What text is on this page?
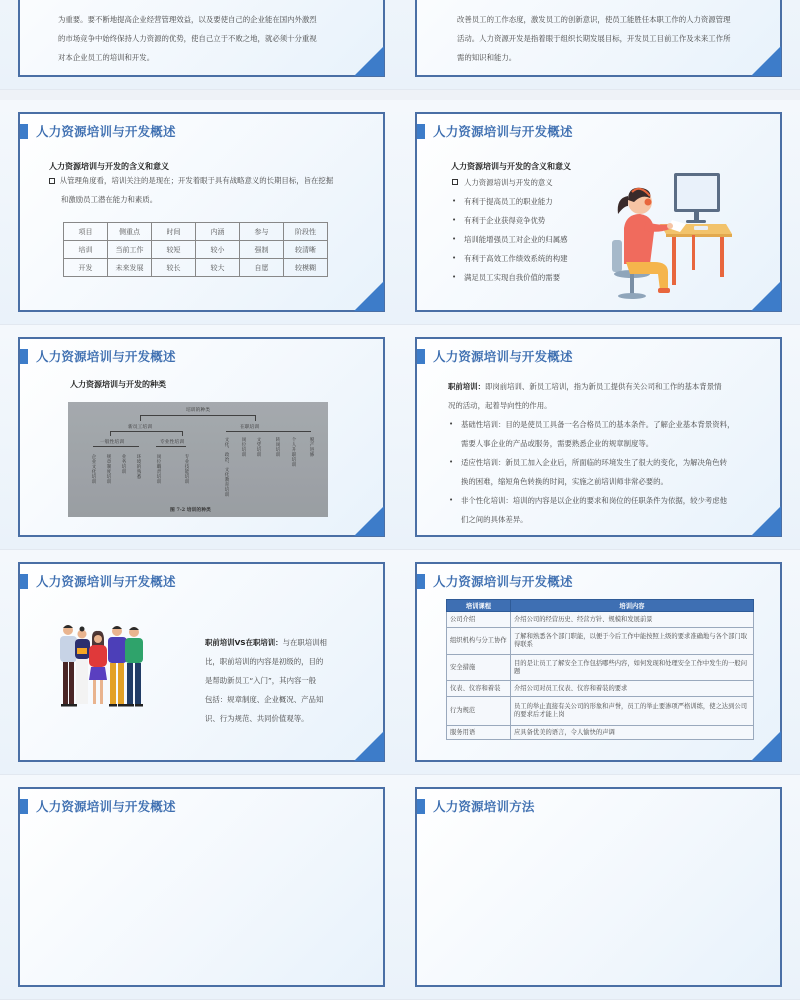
为重要。要不断地提高企业经营管理效益，以及要使自己的企业能在国内外激烈
的市场竞争中始终保持人力资源的优势，使自己立于不败之地，就必须十分重视
对本企业员工的培训和开发。
改善员工的工作态度，激发员工的创新意识，使员工能胜任本职工作的人力资源管理
活动。人力资源开发是指着眼于组织长期发展目标，开发员工目前工作及未来工作所
需的知识和能力。
人力资源培训与开发概述
人力资源培训与开发的含义和意义
从管理角度看，培训关注的是现在；开发着眼于具有战略意义的长期目标，旨在挖掘
和激励员工潜在能力和素质。
项目	侧重点	时间	内涵	参与	阶段性
培训	当前工作	较短	较小	强制	较清晰
开发	未来发展	较长	较大	自愿	较模糊
人力资源培训与开发概述
人力资源培训与开发的含义和意义
人力资源培训与开发的意义
• 有利于提高员工的职业能力
• 有利于企业获得竞争优势
• 培训能增强员工对企业的归属感
• 有利于高效工作绩效系统的构建
• 满足员工实现自我价值的需要
人力资源培训与开发概述
人力资源培训与开发的种类
培训的种类
新员工培训	在职培训
一般性培训	专业性培训
企业文化培训 规章制度培训 业务培训 环境的熟悉	岗位職责培训	专业技能培训	文化、政治、文化教育培训	岗位培训 文凭培训	转岗培训 个人升职培训	脱产进修
图 7-2 培训的种类
人力资源培训与开发概述
职前培训：即岗前培训、新员工培训，指为新员工提供有关公司和工作的基本背景情
况的活动，起着导向性的作用。
• 基础性培训：目的是使员工具备一名合格员工的基本条件。了解企业基本背景资料，
需要人事企业的产品或服务，需要熟悉企业的规章制度等。
• 适应性培训：新员工加入企业后，所面临的环境发生了很大的变化，为解决角色转
换的困难，缩短角色转换的时间，实施之前培训师非常必要的。
• 非个性化培训：培训的内容是以企业的要求和岗位的任职条件为依据，较少考虑他
们之间的具体差异。
人力资源培训与开发概述
职前培训VS在职培训：与在职培训相
比，职前培训的内容是初级的，目的
是帮助新员工“入门”，其内容一般
包括：规章制度、企业概况、产品知
识、行为规范、共同价值观等。
人力资源培训与开发概述
培训课程	培训内容
公司介绍	介绍公司的经营历史、经营方针、规模和发展前景
组织机构与分工协作	了解和熟悉各个部门职能，以便于今后工作中能按照上级的要求准确地与各个部门取得联系
安全措施	目的是让员工了解安全工作包括哪些内容，如何发现和处理安全工作中发生的一般问题
仪表、仪容和着装	介绍公司对员工仪表、仪容和着装的要求
行为规范	员工的举止直接有关公司的形象和声誉，员工的举止要渗项严格训练，使之达到公司的要求后才能上岗
服务用语	应具备优美的语言，令人愉快的声调
人力资源培训与开发概述	人力资源培训方法
